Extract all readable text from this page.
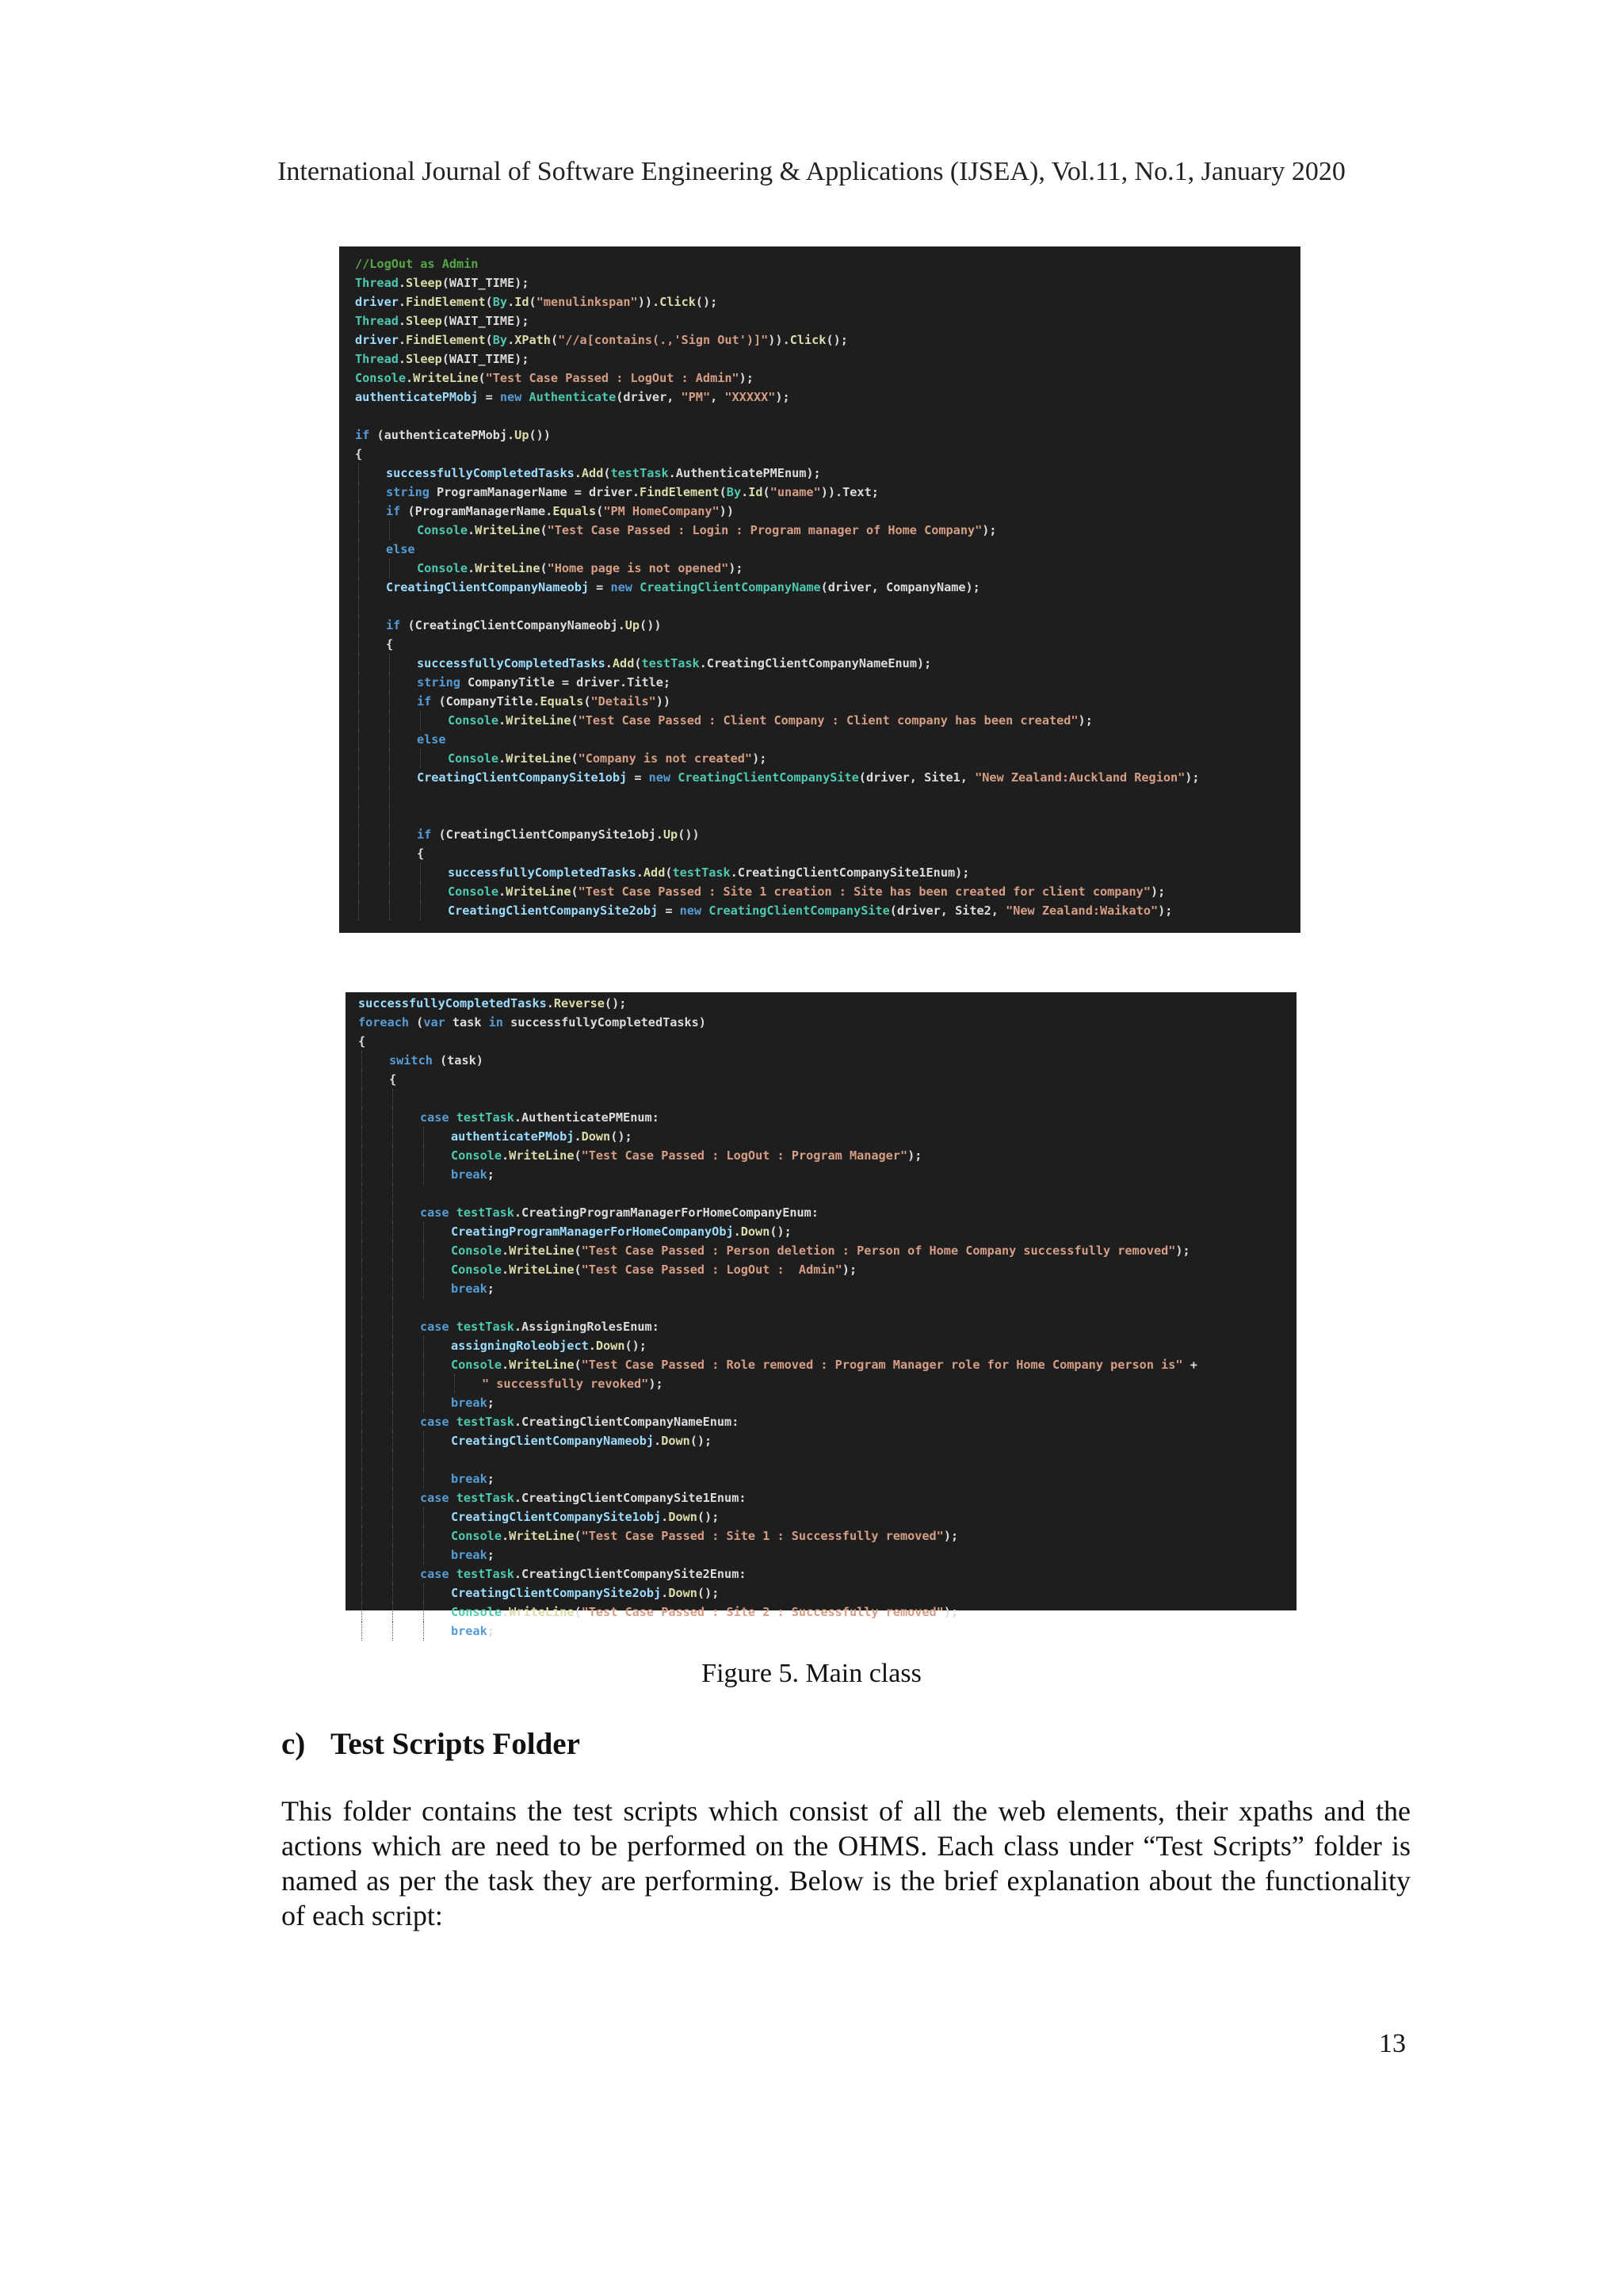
International Journal of Software Engineering & Applications (IJSEA), Vol.11, No.1, January 2020
//LogOut as Admin
Thread.Sleep(WAIT_TIME);
driver.FindElement(By.Id("menulinkspan")).Click();
Thread.Sleep(WAIT_TIME);
driver.FindElement(By.XPath("//a[contains(.,'Sign Out')]")).Click();
Thread.Sleep(WAIT_TIME);
Console.WriteLine("Test Case Passed : LogOut : Admin");
authenticatePMobj = new Authenticate(driver, "PM", "XXXXX");
if (authenticatePMobj.Up())
{
successfullyCompletedTasks.Add(testTask.AuthenticatePMEnum);
string ProgramManagerName = driver.FindElement(By.Id("uname")).Text;
if (ProgramManagerName.Equals("PM HomeCompany"))
Console.WriteLine("Test Case Passed : Login : Program manager of Home Company");
else
Console.WriteLine("Home page is not opened");
CreatingClientCompanyNameobj = new CreatingClientCompanyName(driver, CompanyName);
if (CreatingClientCompanyNameobj.Up())
{
successfullyCompletedTasks.Add(testTask.CreatingClientCompanyNameEnum);
string CompanyTitle = driver.Title;
if (CompanyTitle.Equals("Details"))
Console.WriteLine("Test Case Passed : Client Company : Client company has been created");
else
Console.WriteLine("Company is not created");
CreatingClientCompanySite1obj = new CreatingClientCompanySite(driver, Site1, "New Zealand:Auckland Region");
if (CreatingClientCompanySite1obj.Up())
{
successfullyCompletedTasks.Add(testTask.CreatingClientCompanySite1Enum);
Console.WriteLine("Test Case Passed : Site 1 creation : Site has been created for client company");
CreatingClientCompanySite2obj = new CreatingClientCompanySite(driver, Site2, "New Zealand:Waikato");
successfullyCompletedTasks.Reverse();
foreach (var task in successfullyCompletedTasks)
{
switch (task)
{
case testTask.AuthenticatePMEnum:
authenticatePMobj.Down();
Console.WriteLine("Test Case Passed : LogOut : Program Manager");
break;
case testTask.CreatingProgramManagerForHomeCompanyEnum:
CreatingProgramManagerForHomeCompanyObj.Down();
Console.WriteLine("Test Case Passed : Person deletion : Person of Home Company successfully removed");
Console.WriteLine("Test Case Passed : LogOut :  Admin");
break;
case testTask.AssigningRolesEnum:
assigningRoleobject.Down();
Console.WriteLine("Test Case Passed : Role removed : Program Manager role for Home Company person is" +
" successfully revoked");
break;
case testTask.CreatingClientCompanyNameEnum:
CreatingClientCompanyNameobj.Down();
break;
case testTask.CreatingClientCompanySite1Enum:
CreatingClientCompanySite1obj.Down();
Console.WriteLine("Test Case Passed : Site 1 : Successfully removed");
break;
case testTask.CreatingClientCompanySite2Enum:
CreatingClientCompanySite2obj.Down();
Console.WriteLine("Test Case Passed : Site 2 : Successfully removed");
break;
Figure 5. Main class
c) Test Scripts Folder
This folder contains the test scripts which consist of all the web elements, their xpaths and the actions which are need to be performed on the OHMS. Each class under “Test Scripts” folder is named as per the task they are performing. Below is the brief explanation about the functionality of each script:
13
